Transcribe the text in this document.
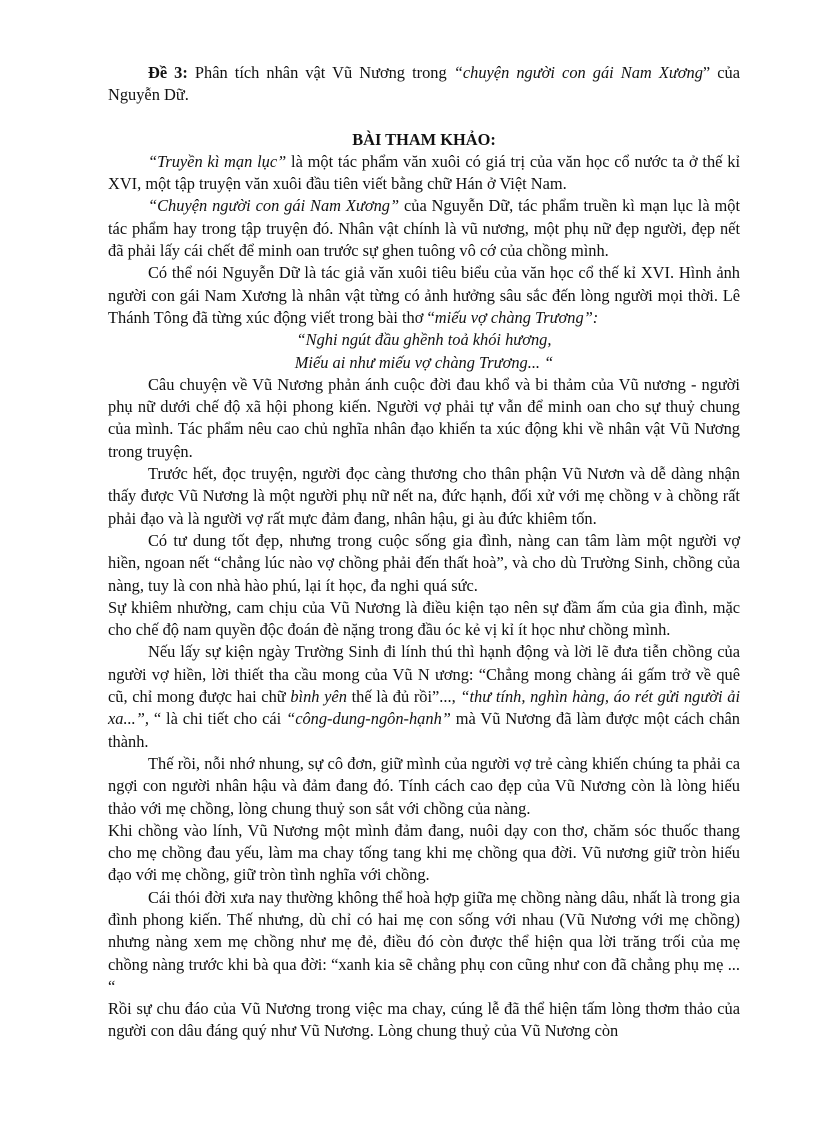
Đề 3: Phân tích nhân vật Vũ Nương trong “chuyện người con gái Nam Xương” của Nguyễn Dữ.

BÀI THAM KHẢO:

“Truyền kì mạn lục” là một tác phẩm văn xuôi có giá trị của văn học cổ nước ta ở thế kỉ XVI, một tập truyện văn xuôi đầu tiên viết bằng chữ Hán ở Việt Nam.

“Chuyện người con gái Nam Xương” của Nguyễn Dữ, tác phẩm truền kì mạn lục là một tác phẩm hay trong tập truyện đó. Nhân vật chính là vũ nương, một phụ nữ đẹp người, đẹp nết đã phải lấy cái chết để minh oan trước sự ghen tuông vô cớ của chồng mình.

Có thể nói Nguyễn Dữ là tác giả văn xuôi tiêu biểu của văn học cổ thế kỉ XVI. Hình ảnh người con gái Nam Xương là nhân vật từng có ảnh hưởng sâu sắc đến lòng người mọi thời. Lê Thánh Tông đã từng xúc động viết trong bài thơ “miếu vợ chàng Trương”:

“Nghi ngút đầu ghềnh toả khói hương,

Miếu ai như miếu vợ chàng Trương... “

Câu chuyện về Vũ Nương phản ánh cuộc đời đau khổ và bi thảm của Vũ nương - người phụ nữ dưới chế độ xã hội phong kiến. Người vợ phải tự vẫn để minh oan cho sự thuỷ chung của mình. Tác phẩm nêu cao chủ nghĩa nhân đạo khiến ta xúc động khi về nhân vật Vũ Nương trong truyện.

Trước hết, đọc truyện, người đọc càng thương cho thân phận Vũ Nươn và dễ dàng nhận thấy được Vũ Nương là một người phụ nữ nết na, đức hạnh, đối xử với mẹ chồng v à chồng rất phải đạo và là người vợ rất mực đảm đang, nhân hậu, gi àu đức khiêm tốn.

Có tư dung tốt đẹp, nhưng trong cuộc sống gia đình, nàng can tâm làm một người vợ hiền, ngoan nết “chẳng lúc nào vợ chồng phải đến thất hoà”, và cho dù Trường Sinh, chồng của nàng, tuy là con nhà hào phú, lại ít học, đa nghi quá sức.

Sự khiêm nhường, cam chịu của Vũ Nương là điều kiện tạo nên sự đầm ấm của gia đình, mặc cho chế độ nam quyền độc đoán đè nặng trong đầu óc kẻ vị kỉ ít học như chồng mình.

Nếu lấy sự kiện ngày Trường Sinh đi lính thú thì hạnh động và lời lẽ đưa tiễn chồng của người vợ hiền, lời thiết tha cầu mong của Vũ N ương: “Chẳng mong chàng ái gấm trở về quê cũ, chỉ mong được hai chữ bình yên thế là đủ rồi”..., “thư tính, nghìn hàng, áo rét gửi người ải xa...”, “ là chi tiết cho cái “công-dung-ngôn-hạnh” mà Vũ Nương đã làm được một cách chân thành.

Thế rồi, nỗi nhớ nhung, sự cô đơn, giữ mình của người vợ trẻ càng khiến chúng ta phải ca ngợi con người nhân hậu và đảm đang đó. Tính cách cao đẹp của Vũ Nương còn là lòng hiếu thảo với mẹ chồng, lòng chung thuỷ son sắt với chồng của nàng.

Khi chồng vào lính, Vũ Nương một mình đảm đang, nuôi dạy con thơ, chăm sóc thuốc thang cho mẹ chồng đau yếu, làm ma chay tống tang khi mẹ chồng qua đời. Vũ nương giữ tròn hiếu đạo với mẹ chồng, giữ tròn tình nghĩa với chồng.

Cái thói đời xưa nay thường không thể hoà hợp giữa mẹ chồng nàng dâu, nhất là trong gia đình phong kiến. Thế nhưng, dù chỉ có hai mẹ con sống với nhau (Vũ Nương với mẹ chồng) nhưng nàng xem mẹ chồng như mẹ đẻ, điều đó còn được thể hiện qua lời trăng trối của mẹ chồng nàng trước khi bà qua đời: “xanh kia sẽ chẳng phụ con cũng như con đã chẳng phụ mẹ ... “

Rồi sự chu đáo của Vũ Nương trong việc ma chay, cúng lễ đã thể hiện tấm lòng thơm thảo của người con dâu đáng quý như Vũ Nương. Lòng chung thuỷ của Vũ Nương còn
